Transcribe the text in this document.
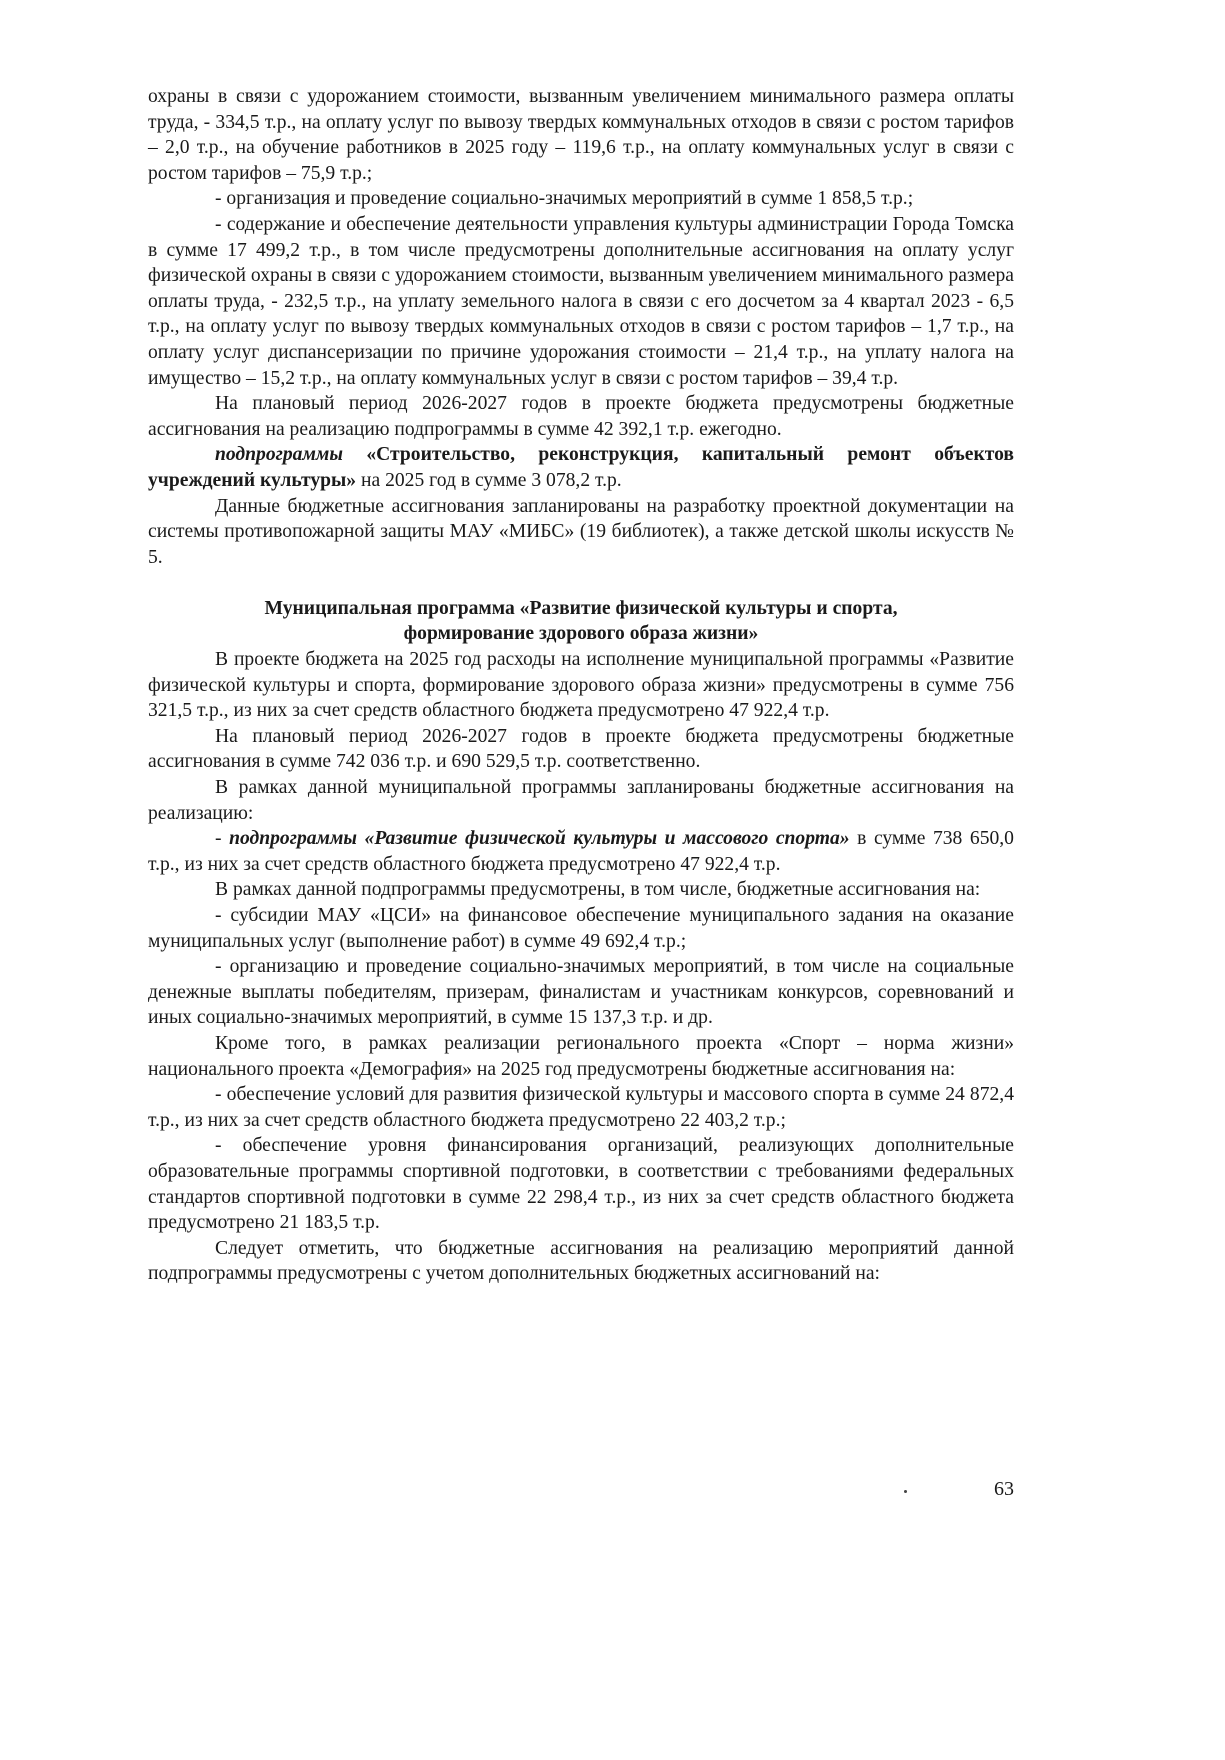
охраны в связи с удорожанием стоимости, вызванным увеличением минимального размера оплаты труда, - 334,5 т.р., на оплату услуг по вывозу твердых коммунальных отходов в связи с ростом тарифов – 2,0 т.р., на обучение работников в 2025 году – 119,6 т.р., на оплату коммунальных услуг в связи с ростом тарифов – 75,9 т.р.;

- организация и проведение социально-значимых мероприятий в сумме 1 858,5 т.р.;

- содержание и обеспечение деятельности управления культуры администрации Города Томска в сумме 17 499,2 т.р., в том числе предусмотрены дополнительные ассигнования на оплату услуг физической охраны в связи с удорожанием стоимости, вызванным увеличением минимального размера оплаты труда, - 232,5 т.р., на уплату земельного налога в связи с его досчетом за 4 квартал 2023 - 6,5 т.р., на оплату услуг по вывозу твердых коммунальных отходов в связи с ростом тарифов – 1,7 т.р., на оплату услуг диспансеризации по причине удорожания стоимости – 21,4 т.р., на уплату налога на имущество – 15,2 т.р., на оплату коммунальных услуг в связи с ростом тарифов – 39,4 т.р.

На плановый период 2026-2027 годов в проекте бюджета предусмотрены бюджетные ассигнования на реализацию подпрограммы в сумме 42 392,1 т.р. ежегодно.

подпрограммы «Строительство, реконструкция, капитальный ремонт объектов учреждений культуры» на 2025 год в сумме 3 078,2 т.р.

Данные бюджетные ассигнования запланированы на разработку проектной документации на системы противопожарной защиты МАУ «МИБС» (19 библиотек), а также детской школы искусств № 5.

Муниципальная программа «Развитие физической культуры и спорта,
формирование здорового образа жизни»

В проекте бюджета на 2025 год расходы на исполнение муниципальной программы «Развитие физической культуры и спорта, формирование здорового образа жизни» предусмотрены в сумме 756 321,5 т.р., из них за счет средств областного бюджета предусмотрено 47 922,4 т.р.

На плановый период 2026-2027 годов в проекте бюджета предусмотрены бюджетные ассигнования в сумме 742 036 т.р. и 690 529,5 т.р. соответственно.

В рамках данной муниципальной программы запланированы бюджетные ассигнования на реализацию:

- подпрограммы «Развитие физической культуры и массового спорта» в сумме 738 650,0 т.р., из них за счет средств областного бюджета предусмотрено 47 922,4 т.р.

В рамках данной подпрограммы предусмотрены, в том числе, бюджетные ассигнования на:

- субсидии МАУ «ЦСИ» на финансовое обеспечение муниципального задания на оказание муниципальных услуг (выполнение работ) в сумме 49 692,4 т.р.;

- организацию и проведение социально-значимых мероприятий, в том числе на социальные денежные выплаты победителям, призерам, финалистам и участникам конкурсов, соревнований и иных социально-значимых мероприятий, в сумме 15 137,3 т.р. и др.

Кроме того, в рамках реализации регионального проекта «Спорт – норма жизни» национального проекта «Демография» на 2025 год предусмотрены бюджетные ассигнования на:

- обеспечение условий для развития физической культуры и массового спорта в сумме 24 872,4 т.р., из них за счет средств областного бюджета предусмотрено 22 403,2 т.р.;

- обеспечение уровня финансирования организаций, реализующих дополнительные образовательные программы спортивной подготовки, в соответствии с требованиями федеральных стандартов спортивной подготовки в сумме 22 298,4 т.р., из них за счет средств областного бюджета предусмотрено 21 183,5 т.р.

Следует отметить, что бюджетные ассигнования на реализацию мероприятий данной подпрограммы предусмотрены с учетом дополнительных бюджетных ассигнований на:

63
